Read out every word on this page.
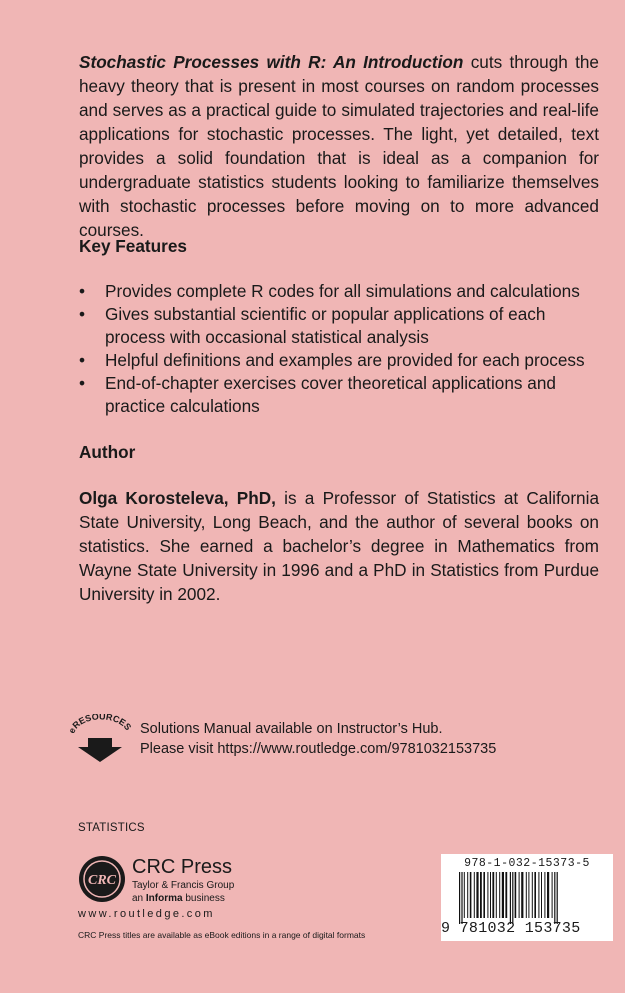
Stochastic Processes with R: An Introduction cuts through the heavy theory that is present in most courses on random processes and serves as a practical guide to simulated trajectories and real-life applications for stochastic processes. The light, yet detailed, text provides a solid foundation that is ideal as a companion for undergraduate statistics students looking to familiarize themselves with stochastic processes before moving on to more advanced courses.

Key Features
• Provides complete R codes for all simulations and calculations
• Gives substantial scientific or popular applications of each process with occasional statistical analysis
• Helpful definitions and examples are provided for each process
• End-of-chapter exercises cover theoretical applications and practice calculations
Author

Olga Korosteleva, PhD, is a Professor of Statistics at California State University, Long Beach, and the author of several books on statistics. She earned a bachelor’s degree in Mathematics from Wayne State University in 1996 and a PhD in Statistics from Purdue University in 2002.

eRESOURCES Solutions Manual available on Instructor’s Hub.
Please visit https://www.routledge.com/9781032153735
STATISTICS
CRC
CRC Press
Taylor & Francis Group
an Informa business
www.routledge.com
CRC Press titles are available as eBook editions in a range of digital formats
978-1-032-15373-5
9 781032 153735
